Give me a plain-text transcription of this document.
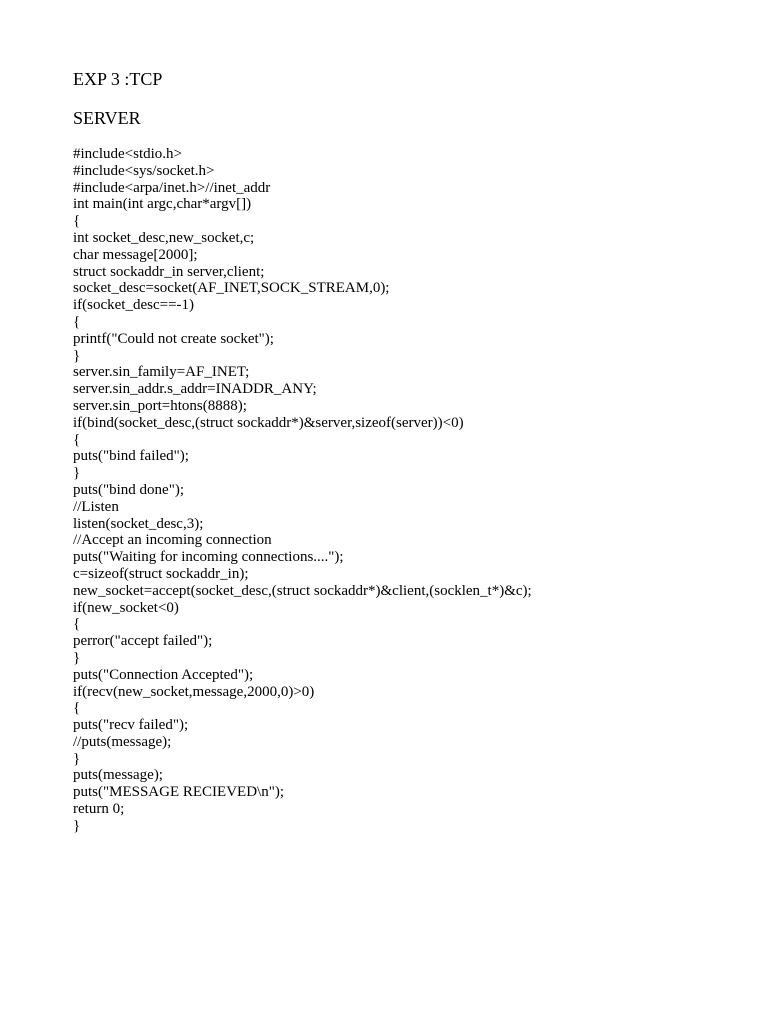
EXP 3 :TCP
SERVER
#include<stdio.h>
#include<sys/socket.h>
#include<arpa/inet.h>//inet_addr
int main(int argc,char*argv[])
{
int socket_desc,new_socket,c;
char message[2000];
struct sockaddr_in server,client;
socket_desc=socket(AF_INET,SOCK_STREAM,0);
if(socket_desc==-1)
{
printf("Could not create socket");
}
server.sin_family=AF_INET;
server.sin_addr.s_addr=INADDR_ANY;
server.sin_port=htons(8888);
if(bind(socket_desc,(struct sockaddr*)&server,sizeof(server))<0)
{
puts("bind failed");
}
puts("bind done");
//Listen
listen(socket_desc,3);
//Accept an incoming connection
puts("Waiting for incoming connections....");
c=sizeof(struct sockaddr_in);
new_socket=accept(socket_desc,(struct sockaddr*)&client,(socklen_t*)&c);
if(new_socket<0)
{
perror("accept failed");
}
puts("Connection Accepted");
if(recv(new_socket,message,2000,0)>0)
{
puts("recv failed");
//puts(message);
}
puts(message);
puts("MESSAGE RECIEVED\n");
return 0;
}
